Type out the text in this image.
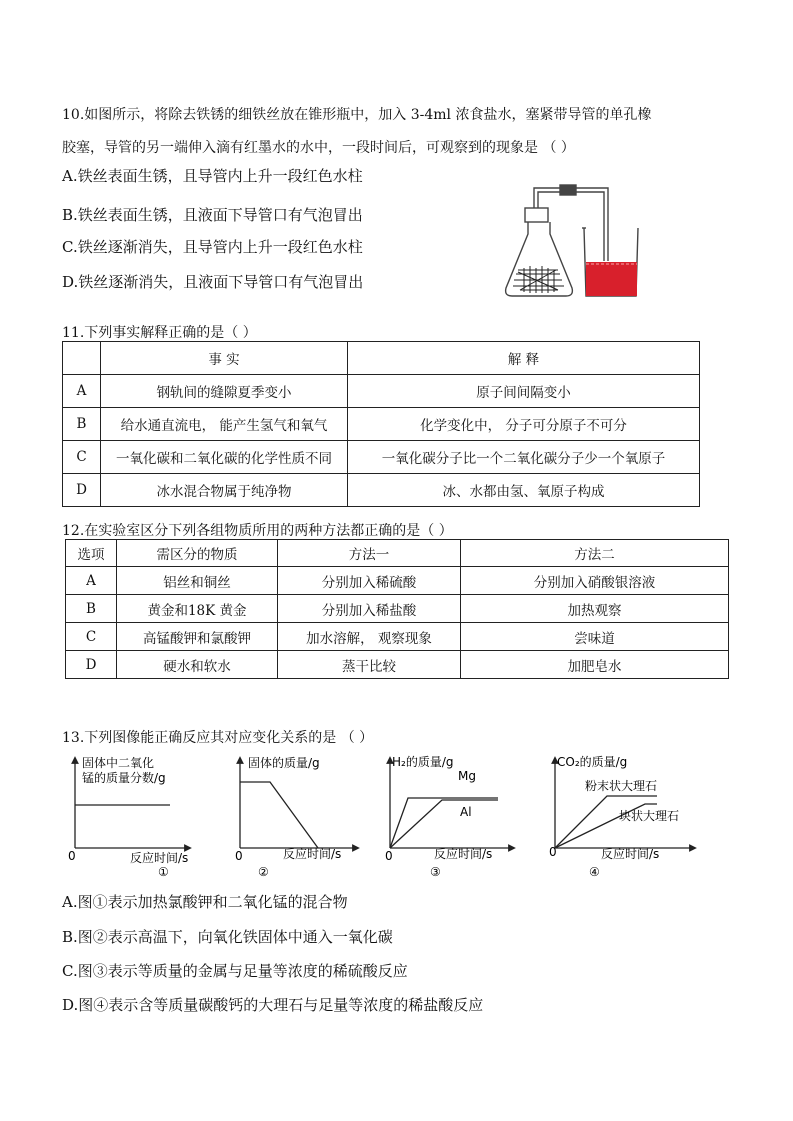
10.如图所示，将除去铁锈的细铁丝放在锥形瓶中，加入 3-4ml 浓食盐水，塞紧带导管的单孔橡
胶塞，导管的另一端伸入滴有红墨水的水中，一段时间后，可观察到的现象是 （ ）
A.铁丝表面生锈，且导管内上升一段红色水柱
B.铁丝表面生锈，且液面下导管口有气泡冒出
C.铁丝逐渐消失，且导管内上升一段红色水柱
D.铁丝逐渐消失，且液面下导管口有气泡冒出
11.下列事实解释正确的是（ ）
	事 实	解 释
A	钢轨间的缝隙夏季变小	原子间间隔变小
B	给水通直流电， 能产生氢气和氧气	化学变化中， 分子可分原子不可分
C	一氧化碳和二氧化碳的化学性质不同	一氧化碳分子比一个二氧化碳分子少一个氧原子
D	冰水混合物属于纯净物	冰、水都由氢、氧原子构成
12.在实验室区分下列各组物质所用的两种方法都正确的是（ ）
选项	需区分的物质	方法一	方法二
A	铝丝和铜丝	分别加入稀硫酸	分别加入硝酸银溶液
B	黄金和18K 黄金	分别加入稀盐酸	加热观察
C	高锰酸钾和氯酸钾	加水溶解， 观察现象	尝味道
D	硬水和软水	蒸干比较	加肥皂水
13.下列图像能正确反应其对应变化关系的是 （ ）
固体中二氧化
锰的质量分数/g
0	反应时间/s
①
固体的质量/g
0	反应时间/s
②
H₂的质量/g
Mg
Al
0	反应时间/s
③
CO₂的质量/g
粉末状大理石
块状大理石
0	反应时间/s
④
A.图①表示加热氯酸钾和二氧化锰的混合物
B.图②表示高温下，向氧化铁固体中通入一氧化碳
C.图③表示等质量的金属与足量等浓度的稀硫酸反应
D.图④表示含等质量碳酸钙的大理石与足量等浓度的稀盐酸反应
